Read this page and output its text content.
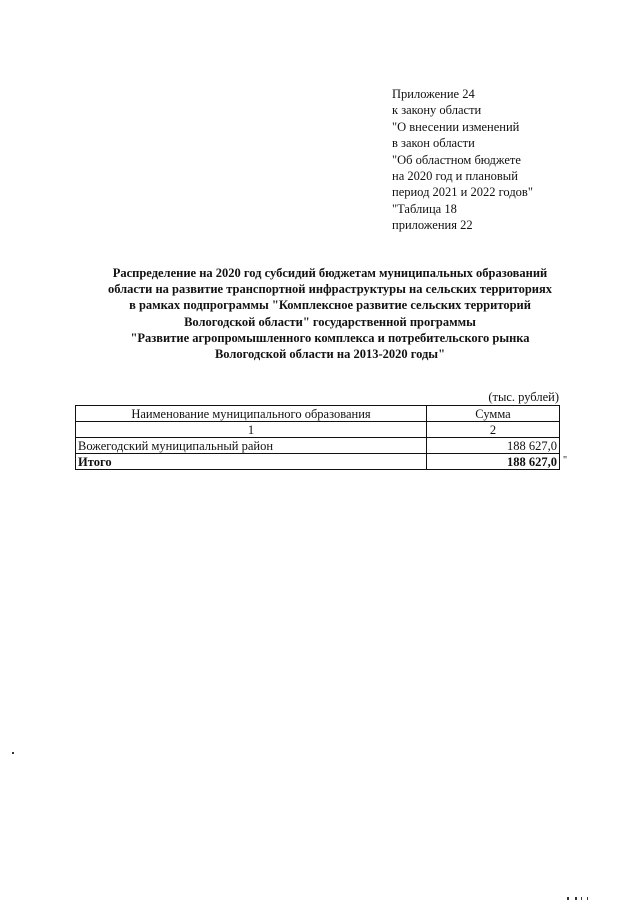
Приложение 24
к закону области
"О внесении изменений
в закон области
"Об областном бюджете
на 2020 год и плановый
период 2021 и 2022 годов"
"Таблица 18
приложения 22
Распределение на 2020 год субсидий бюджетам муниципальных образований
области на развитие транспортной инфраструктуры на сельских территориях
в рамках подпрограммы "Комплексное развитие сельских территорий
Вологодской области" государственной программы
"Развитие агропромышленного комплекса и потребительского рынка
Вологодской области на 2013-2020 годы"
(тыс. рублей)
Наименование муниципального образования	Сумма
1	2
Вожегодский муниципальный район	188 627,0
Итого	188 627,0 "
